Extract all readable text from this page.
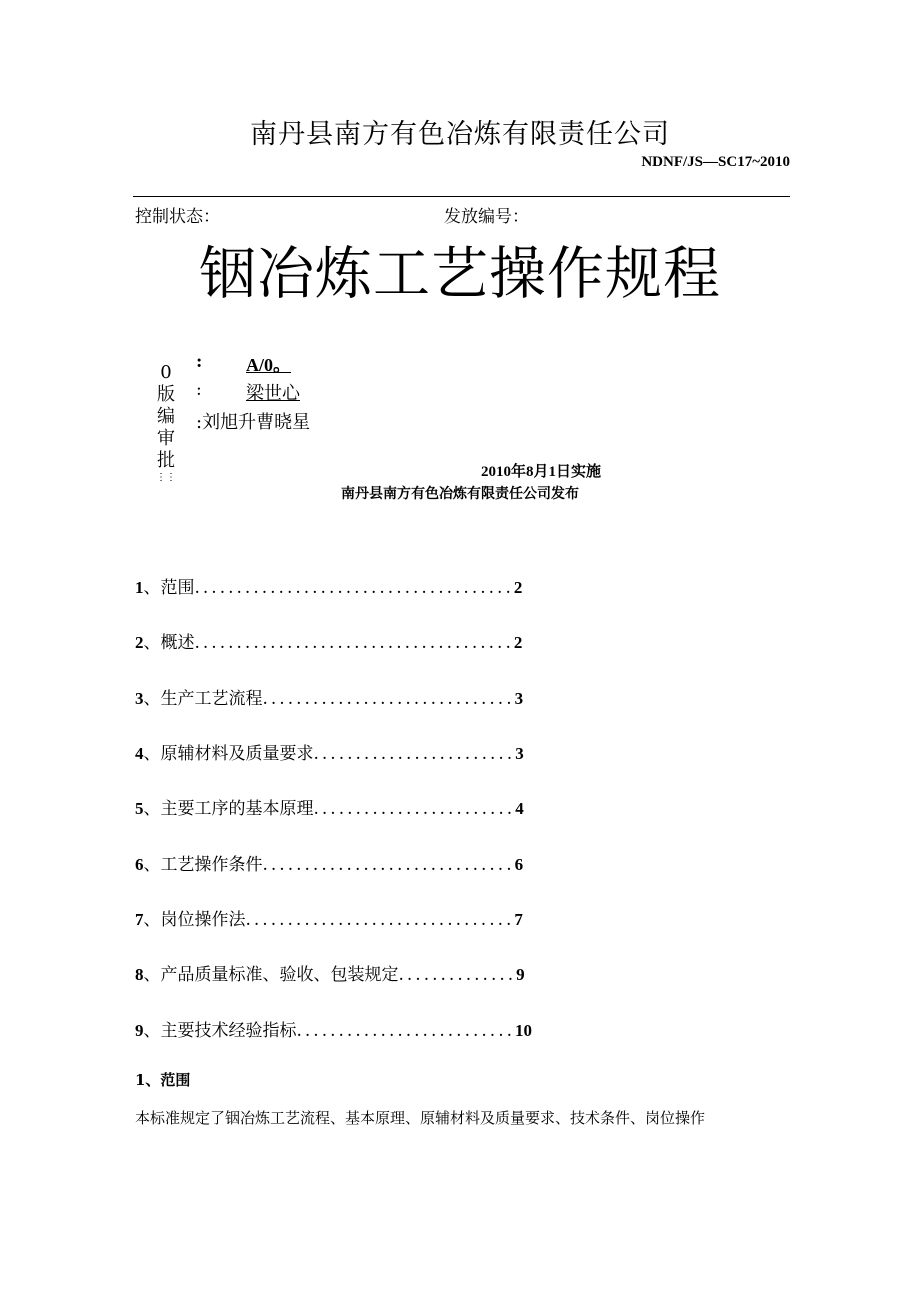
南丹县南方有色冶炼有限责任公司
NDNF/JS—SC17~2010
控制状态：	发放编号：
铟冶炼工艺操作规程
0
版
编
审
批
⋮⋮
: A/0。
: 梁世心
:刘旭升曹晓星
2010年8月1日实施
南丹县南方有色冶炼有限责任公司发布
1、范围......................................2
2、概述......................................2
3、生产工艺流程..............................3
4、原辅材料及质量要求........................3
5、主要工序的基本原理........................4
6、工艺操作条件..............................6
7、岗位操作法................................7
8、产品质量标准、验收、包装规定..............9
9、主要技术经验指标..........................10
1、范围
本标准规定了铟冶炼工艺流程、基本原理、原辅材料及质量要求、技术条件、岗位操作
